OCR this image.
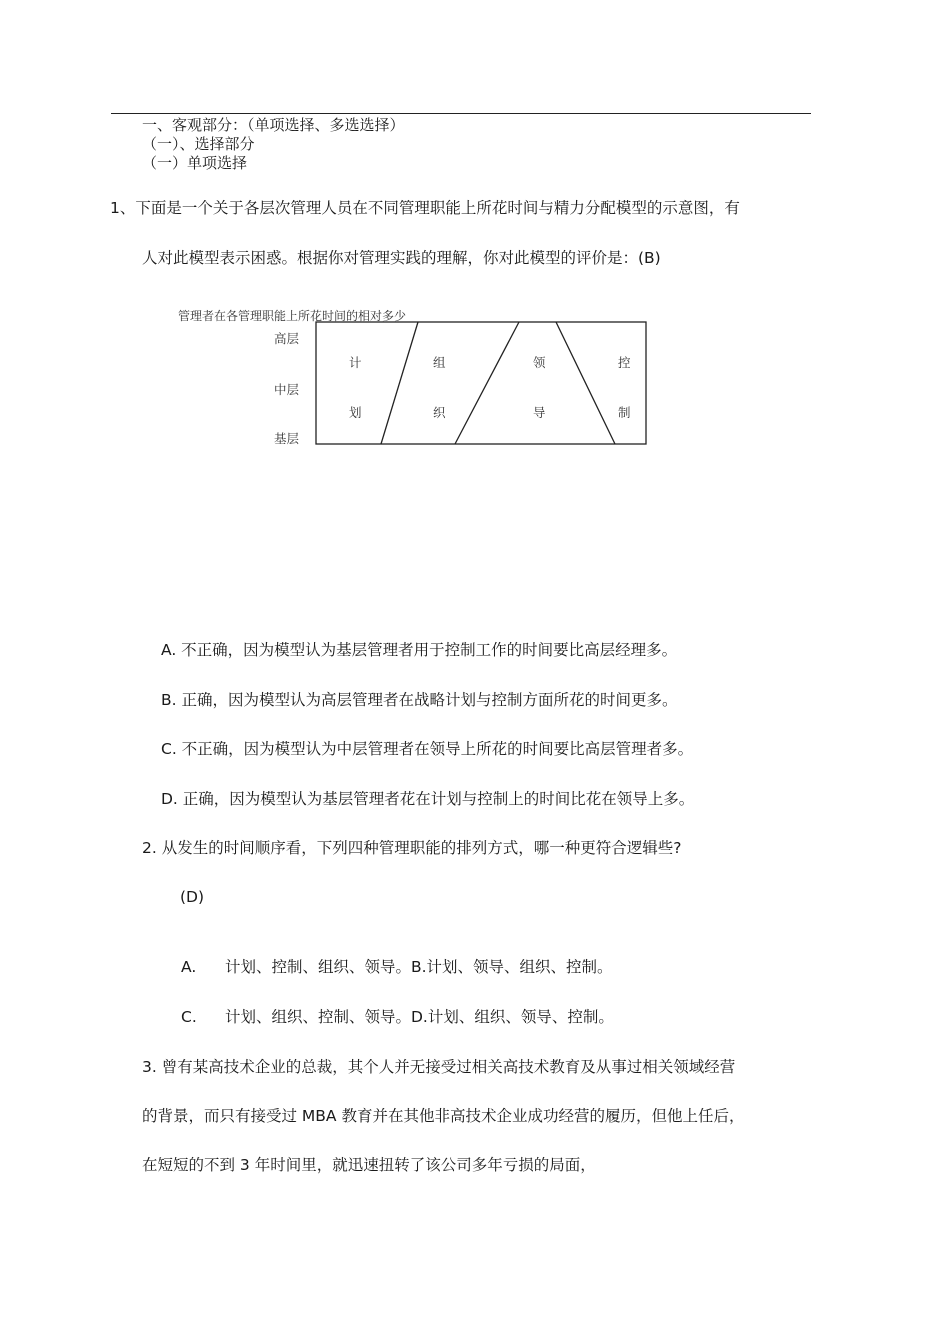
一、客观部分：（单项选择、多选选择）
（一）、选择部分
（一）单项选择
1、下面是一个关于各层次管理人员在不同管理职能上所花时间与精力分配模型的示意图，有
人对此模型表示困惑。根据你对管理实践的理解，你对此模型的评价是：(B)
管理者在各管理职能上所花时间的相对多少
高层
中层
基层
计
划
组
织
领
导
控
制
A. 不正确，因为模型认为基层管理者用于控制工作的时间要比高层经理多。
B. 正确，因为模型认为高层管理者在战略计划与控制方面所花的时间更多。
C. 不正确，因为模型认为中层管理者在领导上所花的时间要比高层管理者多。
D. 正确，因为模型认为基层管理者花在计划与控制上的时间比花在领导上多。
2. 从发生的时间顺序看，下列四种管理职能的排列方式，哪一种更符合逻辑些?
(D)
A. 计划、控制、组织、领导。B.计划、领导、组织、控制。
C. 计划、组织、控制、领导。D.计划、组织、领导、控制。
3. 曾有某高技术企业的总裁，其个人并无接受过相关高技术教育及从事过相关领域经营
的背景，而只有接受过 MBA 教育并在其他非高技术企业成功经营的履历，但他上任后，
在短短的不到 3 年时间里，就迅速扭转了该公司多年亏损的局面，
